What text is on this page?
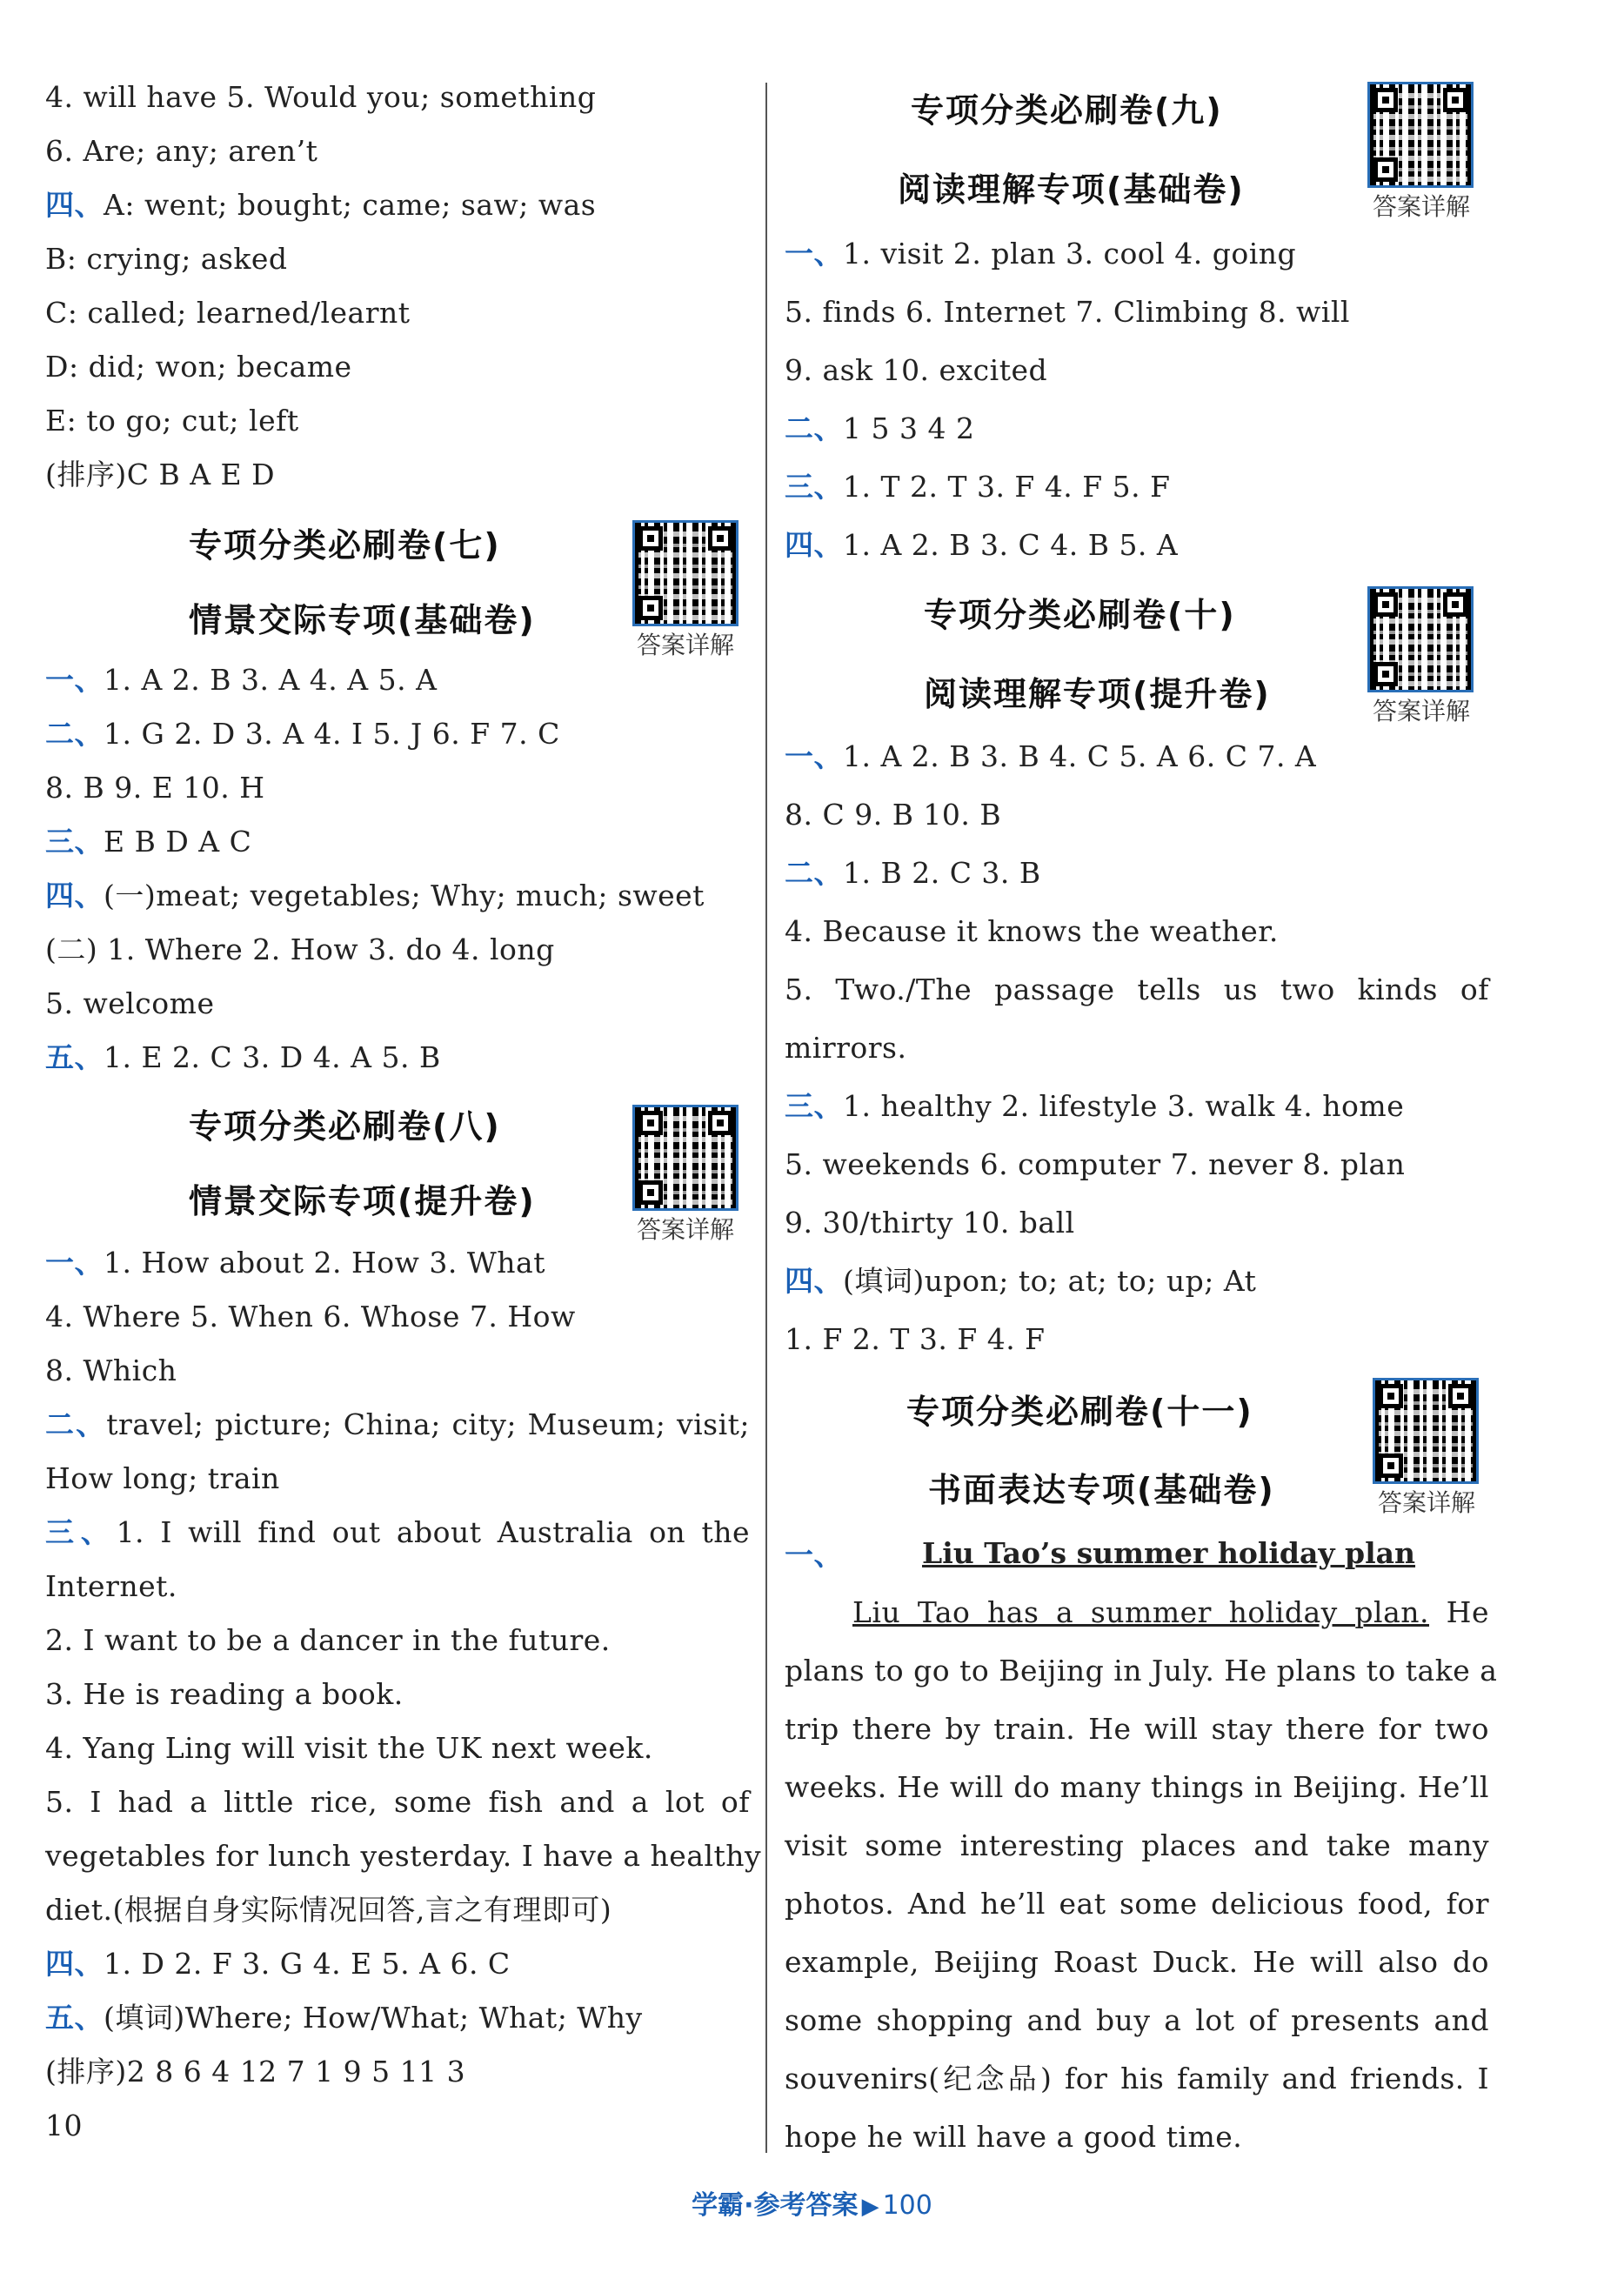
4. will have 5. Would you; something
6. Are; any; aren’t
四、A: went; bought; came; saw; was
B: crying; asked
C: called; learned/learnt
D: did; won; became
E: to go; cut; left
(排序)C B A E D
专项分类必刷卷(七)
情景交际专项(基础卷)
答案详解
一、1. A 2. B 3. A 4. A 5. A
二、1. G 2. D 3. A 4. I 5. J 6. F 7. C
8. B 9. E 10. H
三、E B D A C
四、(一)meat; vegetables; Why; much; sweet
(二) 1. Where 2. How 3. do 4. long
5. welcome
五、1. E 2. C 3. D 4. A 5. B
专项分类必刷卷(八)
情景交际专项(提升卷)
答案详解
一、1. How about 2. How 3. What
4. Where 5. When 6. Whose 7. How
8. Which
二、travel; picture; China; city; Museum; visit;
How long; train
三、1. I will find out about Australia on the
Internet.
2. I want to be a dancer in the future.
3. He is reading a book.
4. Yang Ling will visit the UK next week.
5. I had a little rice, some fish and a lot of
vegetables for lunch yesterday. I have a healthy
diet.(根据自身实际情况回答,言之有理即可)
四、1. D 2. F 3. G 4. E 5. A 6. C
五、(填词)Where; How/What; What; Why
(排序)2 8 6 4 12 7 1 9 5 11 3
10
专项分类必刷卷(九)
阅读理解专项(基础卷)	答案详解
一、1. visit 2. plan 3. cool 4. going
5. finds 6. Internet 7. Climbing 8. will
9. ask 10. excited
二、1 5 3 4 2
三、1. T 2. T 3. F 4. F 5. F
四、1. A 2. B 3. C 4. B 5. A
专项分类必刷卷(十)
阅读理解专项(提升卷)	答案详解
一、1. A 2. B 3. B 4. C 5. A 6. C 7. A
8. C 9. B 10. B
二、1. B 2. C 3. B
4. Because it knows the weather.
5. Two./The passage tells us two kinds of
mirrors.
三、1. healthy 2. lifestyle 3. walk 4. home
5. weekends 6. computer 7. never 8. plan
9. 30/thirty 10. ball
四、(填词)upon; to; at; to; up; At
1. F 2. T 3. F 4. F
专项分类必刷卷(十一)
书面表达专项(基础卷)	答案详解
一、	Liu Tao’s summer holiday plan
Liu Tao has a summer holiday plan. He
plans to go to Beijing in July. He plans to take a
trip there by train. He will stay there for two
weeks. He will do many things in Beijing. He’ll
visit some interesting places and take many
photos. And he’ll eat some delicious food, for
example, Beijing Roast Duck. He will also do
some shopping and buy a lot of presents and
souvenirs(纪念品) for his family and friends. I
hope he will have a good time.
学霸·参考答案 ▶ 100
